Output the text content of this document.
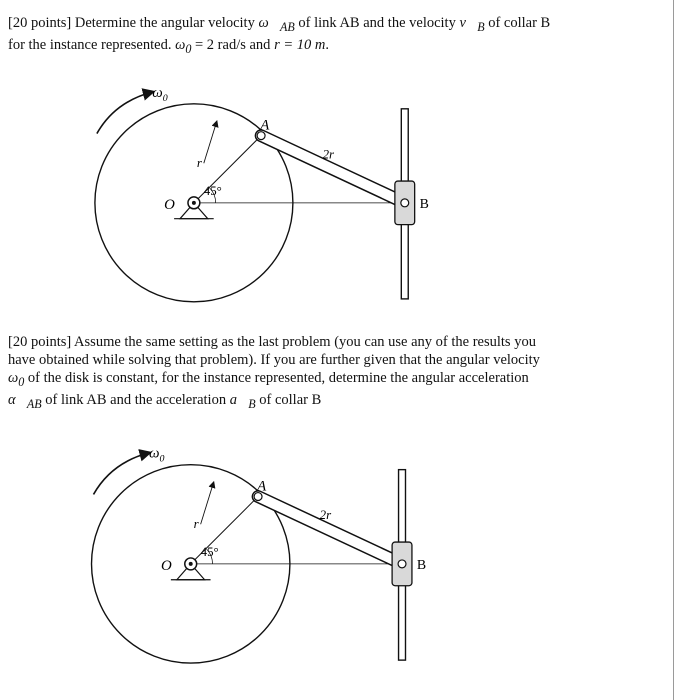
[20 points] Determine the angular velocity $\omega⃗_{AB}$ of link AB and the velocity $v⃗_B$ of collar B for the instance represented. $\omega_0 = 2$ rad/s and r = 10 m.

$\omega_0$
r
45°
O
A
2r
B

[20 points] Assume the same setting as the last problem (you can use any of the results you have obtained while solving that problem). If you are further given that the angular velocity $\omega_0$ of the disk is constant, for the instance represented, determine the angular acceleration $\alpha⃗_{AB}$ of link AB and the acceleration $a⃗_B$ of collar B

$\omega_0$
r
45°
O
A
2r
B
